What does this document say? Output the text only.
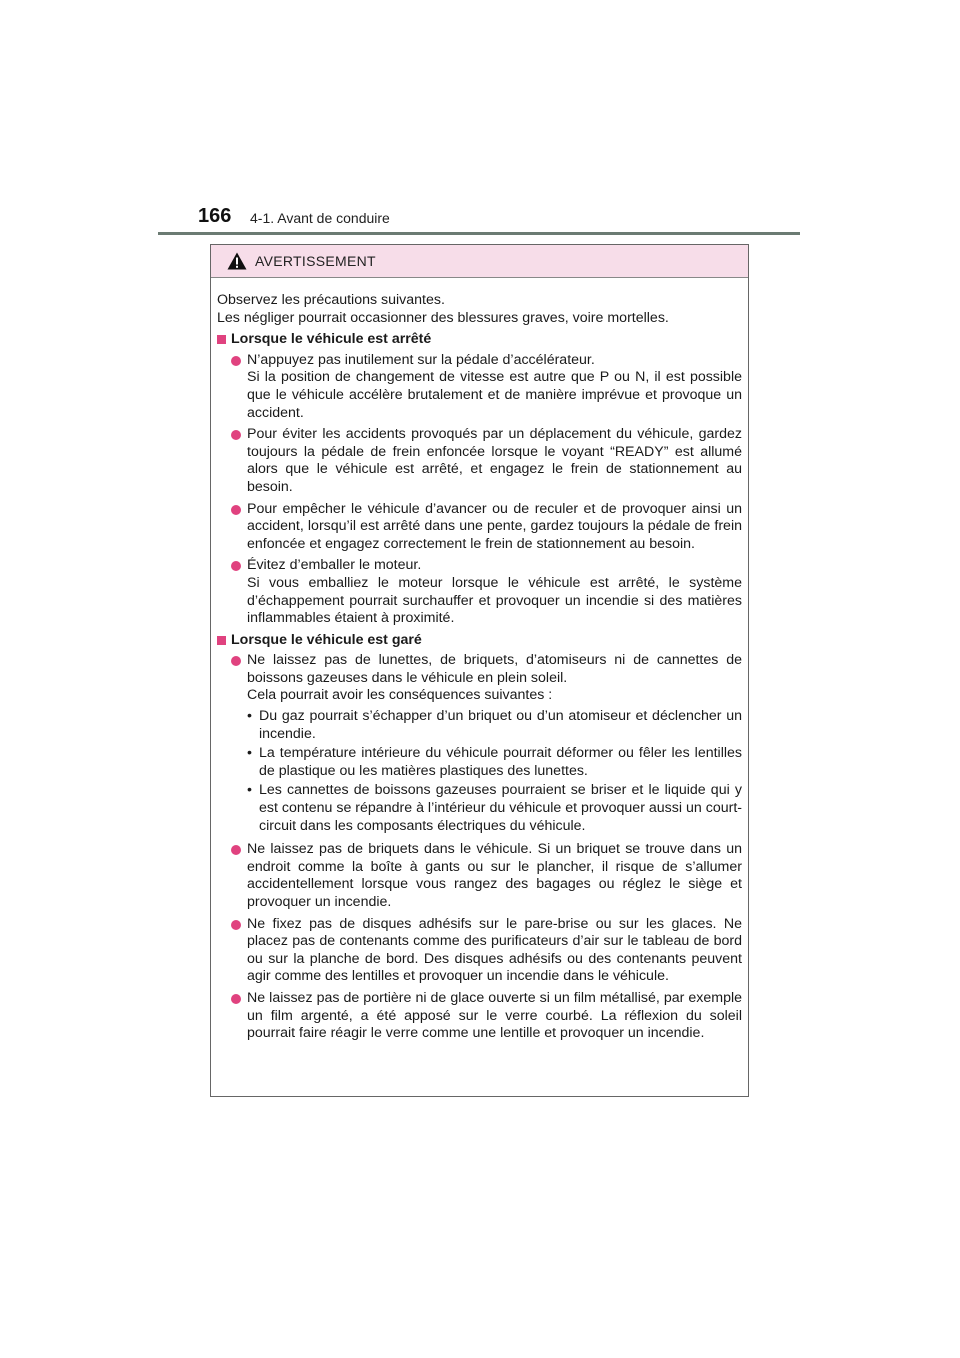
166 4-1. Avant de conduire
AVERTISSEMENT

Observez les précautions suivantes.

Les négliger pourrait occasionner des blessures graves, voire mortelles.

Lorsque le véhicule est arrêté

N’appuyez pas inutilement sur la pédale d’accélérateur.

Si la position de changement de vitesse est autre que P ou N, il est possible que le véhicule accélère brutalement et de manière imprévue et provoque un accident.

Pour éviter les accidents provoqués par un déplacement du véhicule, gardez toujours la pédale de frein enfoncée lorsque le voyant “READY” est allumé alors que le véhicule est arrêté, et engagez le frein de stationnement au besoin.

Pour empêcher le véhicule d’avancer ou de reculer et de provoquer ainsi un accident, lorsqu’il est arrêté dans une pente, gardez toujours la pédale de frein enfoncée et engagez correctement le frein de stationnement au besoin.

Évitez d’emballer le moteur.

Si vous emballiez le moteur lorsque le véhicule est arrêté, le système d’échappement pourrait surchauffer et provoquer un incendie si des matières inflammables étaient à proximité.

Lorsque le véhicule est garé

Ne laissez pas de lunettes, de briquets, d’atomiseurs ni de cannettes de boissons gazeuses dans le véhicule en plein soleil.

Cela pourrait avoir les conséquences suivantes :

• Du gaz pourrait s’échapper d’un briquet ou d’un atomiseur et déclencher un incendie.
• La température intérieure du véhicule pourrait déformer ou fêler les lentilles de plastique ou les matières plastiques des lunettes.
• Les cannettes de boissons gazeuses pourraient se briser et le liquide qui y est contenu se répandre à l’intérieur du véhicule et provoquer aussi un court-circuit dans les composants électriques du véhicule.

Ne laissez pas de briquets dans le véhicule. Si un briquet se trouve dans un endroit comme la boîte à gants ou sur le plancher, il risque de s’allumer accidentellement lorsque vous rangez des bagages ou réglez le siège et provoquer un incendie.

Ne fixez pas de disques adhésifs sur le pare-brise ou sur les glaces. Ne placez pas de contenants comme des purificateurs d’air sur le tableau de bord ou sur la planche de bord. Des disques adhésifs ou des contenants peuvent agir comme des lentilles et provoquer un incendie dans le véhicule.

Ne laissez pas de portière ni de glace ouverte si un film métallisé, par exemple un film argenté, a été apposé sur le verre courbé. La réflexion du soleil pourrait faire réagir le verre comme une lentille et provoquer un incendie.
